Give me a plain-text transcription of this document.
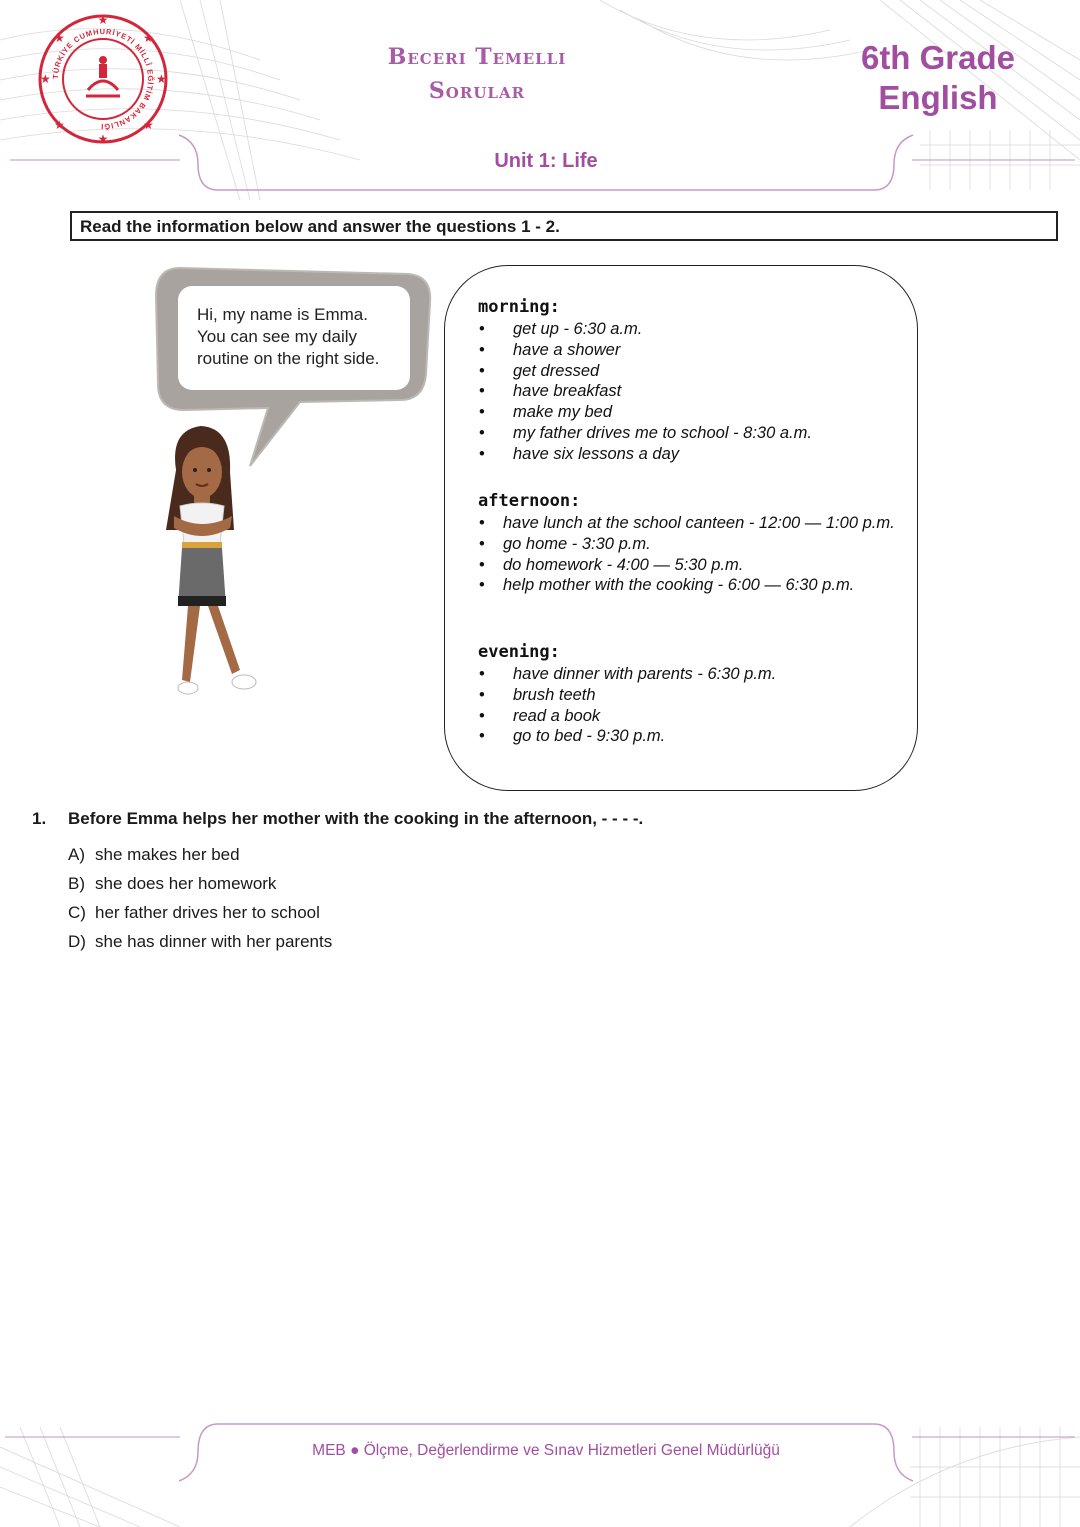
★
★
★	★
★	★
★	★
TÜRKİYE CUMHURİYETİ MİLLÎ EĞİTİM BAKANLIĞI
Beceri Temelli
Sorular
6th Grade
English
Unit 1: Life
Read the information below and answer the questions 1 - 2.
Hi, my name is Emma.
You can see my daily
routine on the right side.
morning:
• get up - 6:30 a.m.
• have a shower
• get dressed
• have breakfast
• make my bed
• my father drives me to school - 8:30 a.m.
• have six lessons a day
afternoon:
• have lunch at the school canteen - 12:00 — 1:00 p.m.
• go home - 3:30 p.m.
• do homework - 4:00 — 5:30 p.m.
• help mother with the cooking - 6:00 — 6:30 p.m.
evening:
• have dinner with parents - 6:30 p.m.
• brush teeth
• read a book
• go to bed - 9:30 p.m.
1. Before Emma helps her mother with the cooking in the afternoon, - - - -.
A) she makes her bed
B) she does her homework
C) her father drives her to school
D) she has dinner with her parents
MEB ● Ölçme, Değerlendirme ve Sınav Hizmetleri Genel Müdürlüğü
